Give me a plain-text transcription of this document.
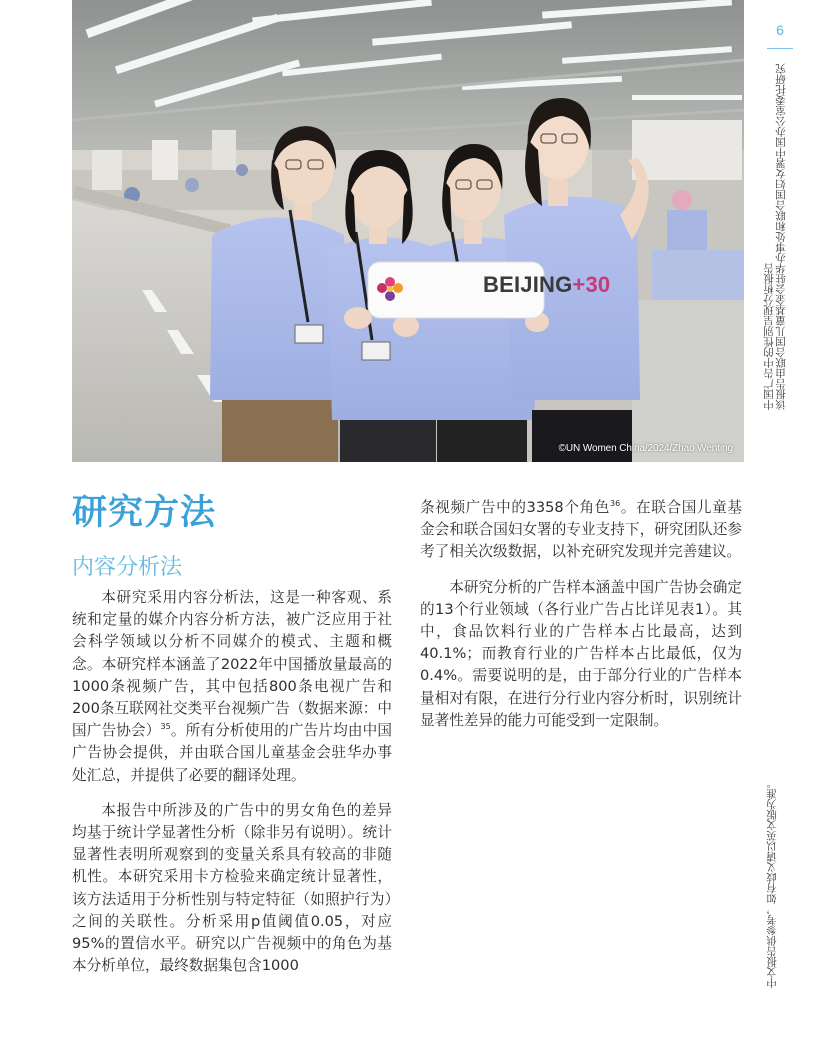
BEIJING+30
©UN Women China/2024/Zhao Wenting
6
中国广告中的性别呈现分析报告 该报告由联合国儿童基金会驻华办事处和联合国妇女署中国办公室委托研究
中文报告供参考，如有歧义请以英文版为准。
研究方法
内容分析法

本研究采用内容分析法，这是一种客观、系统和定量的媒介内容分析方法，被广泛应用于社会科学领域以分析不同媒介的模式、主题和概念。本研究样本涵盖了2022年中国播放量最高的1000条视频广告，其中包括800条电视广告和200条互联网社交类平台视频广告（数据来源：中国广告协会）$^{35}$。所有分析使用的广告片均由中国广告协会提供，并由联合国儿童基金会驻华办事处汇总，并提供了必要的翻译处理。

本报告中所涉及的广告中的男女角色的差异均基于统计学显著性分析（除非另有说明）。统计显著性表明所观察到的变量关系具有较高的非随机性。本研究采用卡方检验来确定统计显著性，该方法适用于分析性别与特定特征（如照护行为）之间的关联性。分析采用p值阈值0.05，对应95%的置信水平。研究以广告视频中的角色为基本分析单位，最终数据集包含1000

条视频广告中的3358个角色$^{36}$。在联合国儿童基金会和联合国妇女署的专业支持下，研究团队还参考了相关次级数据，以补充研究发现并完善建议。

本研究分析的广告样本涵盖中国广告协会确定的13个行业领域（各行业广告占比详见表1）。其中，食品饮料行业的广告样本占比最高，达到40.1%；而教育行业的广告样本占比最低，仅为0.4%。需要说明的是，由于部分行业的广告样本量相对有限，在进行分行业内容分析时，识别统计显著性差异的能力可能受到一定限制。
